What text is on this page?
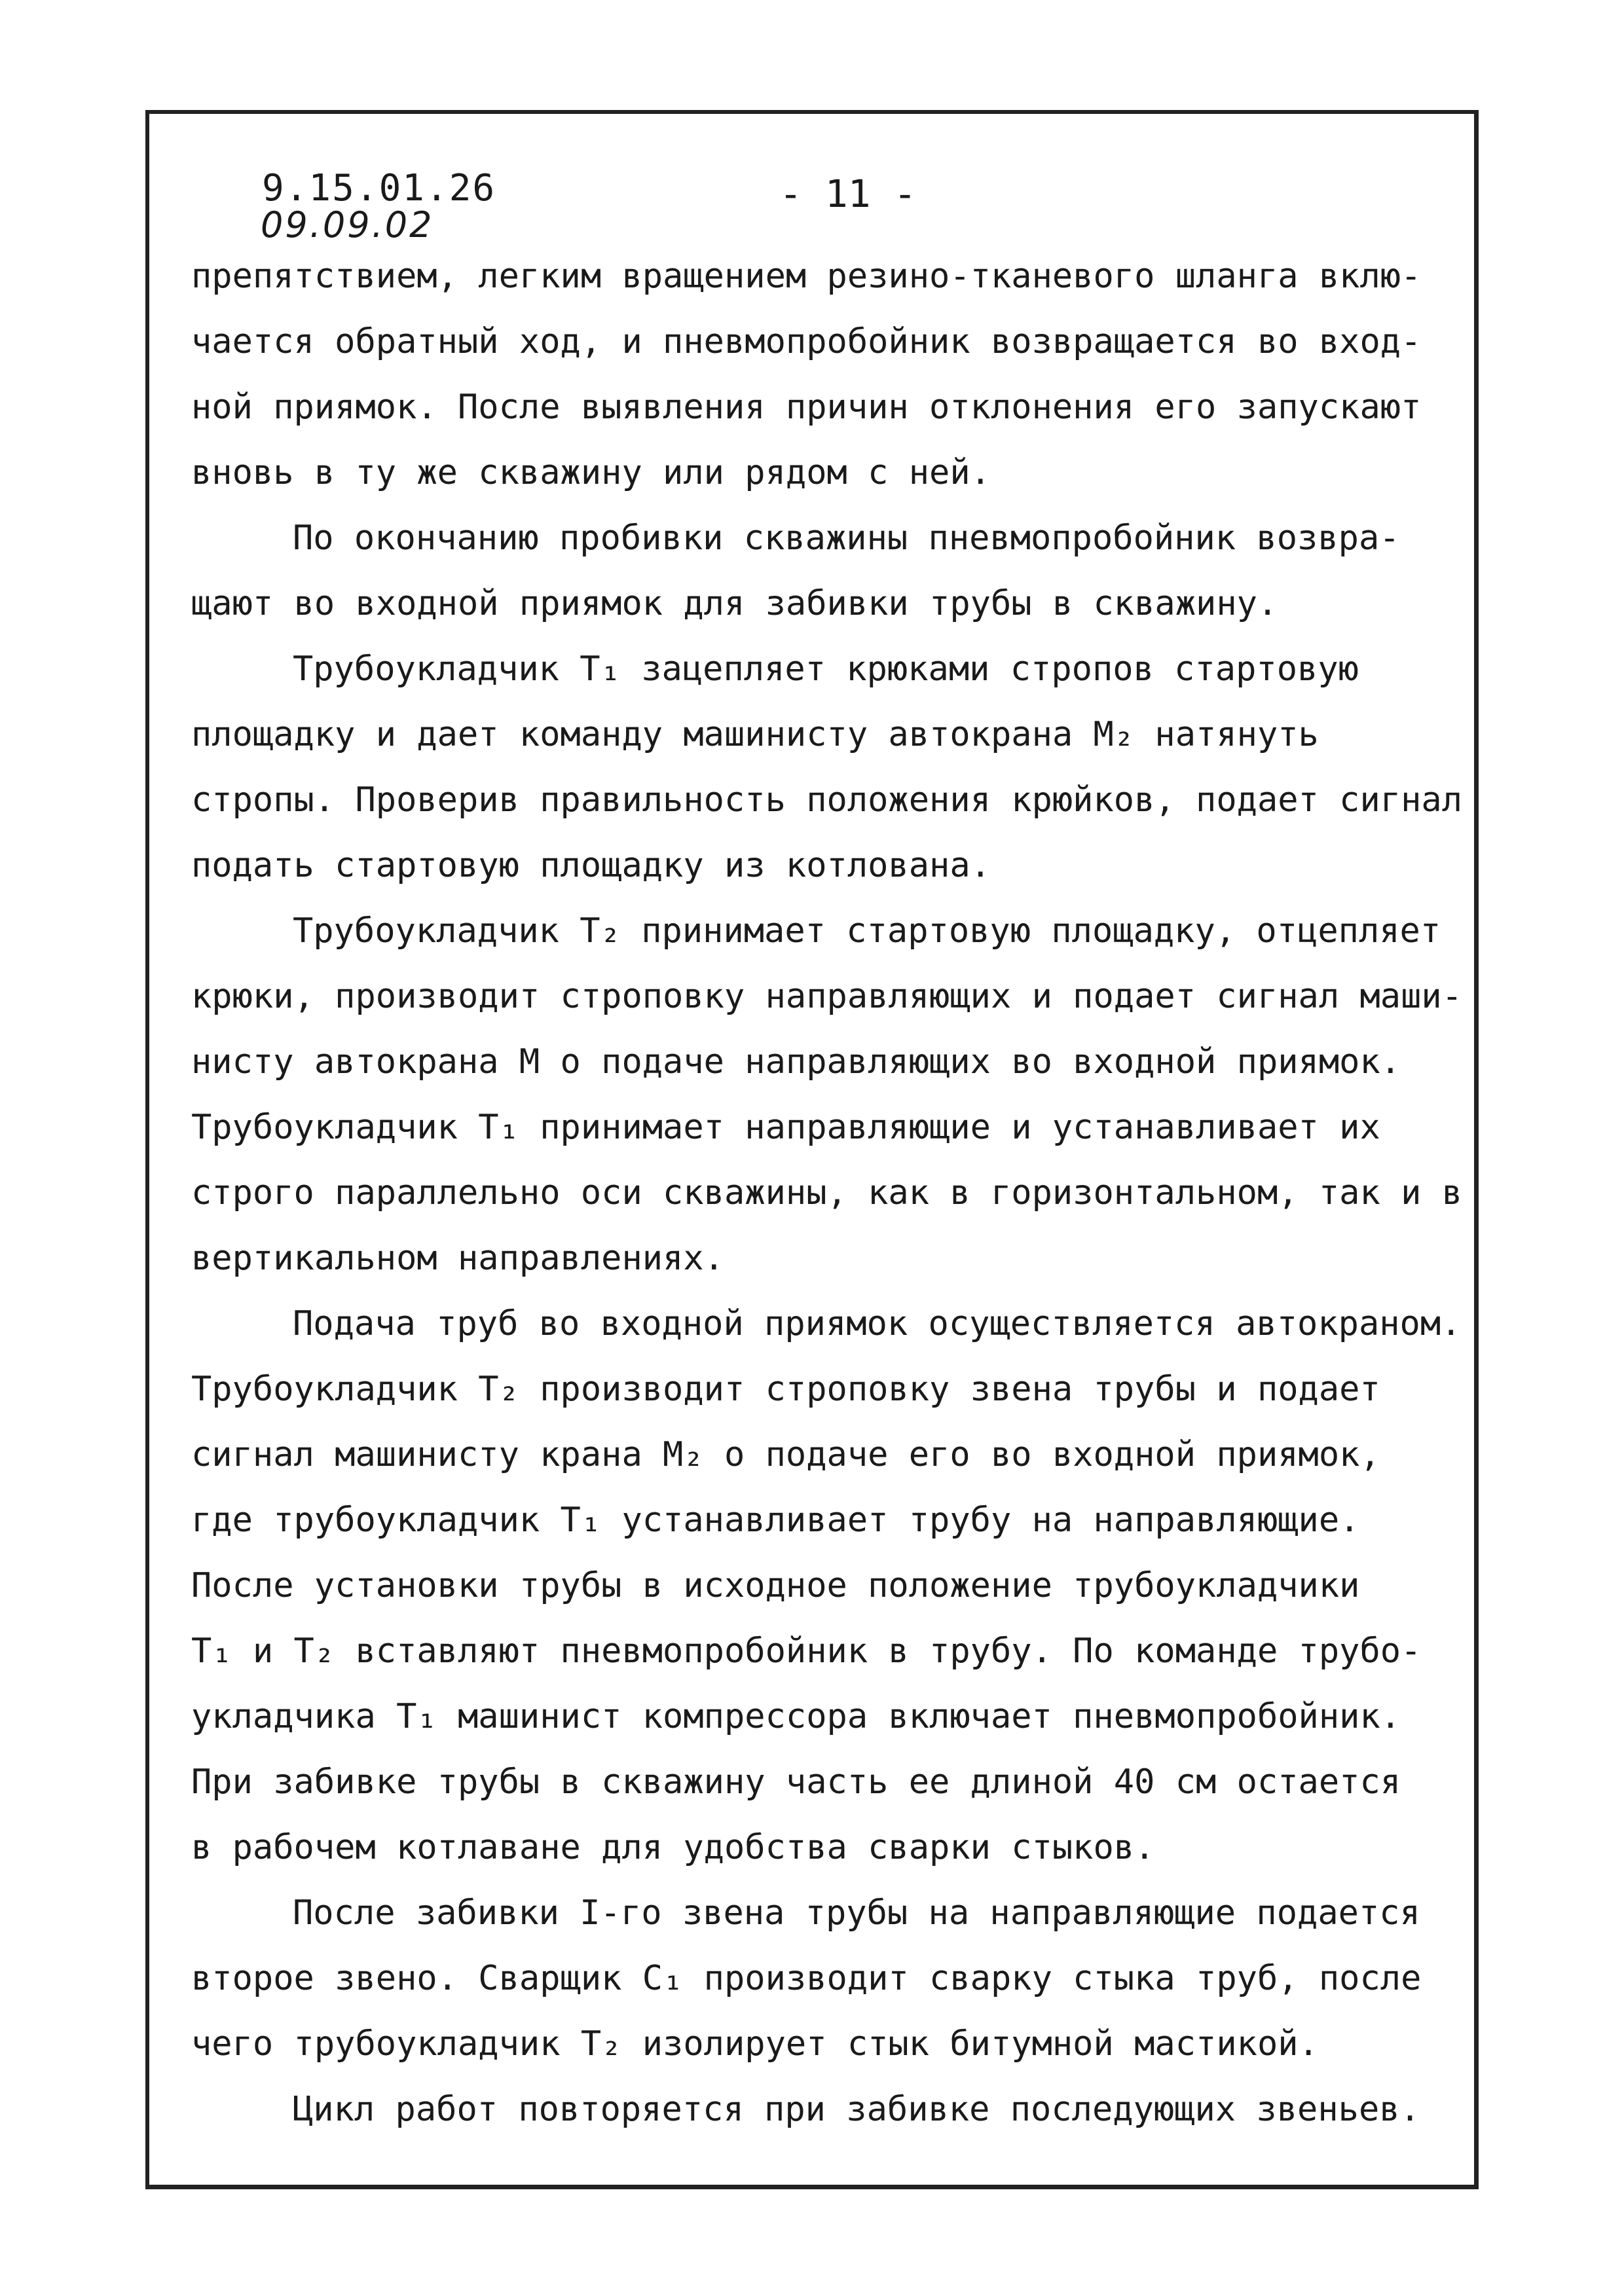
9.15.01.26
09.09.02
- 11 -
препятствием, легким вращением резино-тканевого шланга вклю-
чается обратный ход, и пневмопробойник возвращается во вход-
ной приямок. После выявления причин отклонения его запускают
вновь в ту же скважину или рядом с ней.
По окончанию пробивки скважины пневмопробойник возвра-
щают во входной приямок для забивки трубы в скважину.
Трубоукладчик Т₁ зацепляет крюками стропов стартовую
площадку и дает команду машинисту автокрана М₂ натянуть
стропы. Проверив правильность положения крюйков, подает сигнал
подать стартовую площадку из котлована.
Трубоукладчик Т₂ принимает стартовую площадку, отцепляет
крюки, производит строповку направляющих и подает сигнал маши-
нисту автокрана М о подаче направляющих во входной приямок.
Трубоукладчик Т₁ принимает направляющие и устанавливает их
строго параллельно оси скважины, как в горизонтальном, так и в
вертикальном направлениях.
Подача труб во входной приямок осуществляется автокраном.
Трубоукладчик Т₂ производит строповку звена трубы и подает
сигнал машинисту крана М₂ о подаче его во входной приямок,
где трубоукладчик Т₁ устанавливает трубу на направляющие.
После установки трубы в исходное положение трубоукладчики
Т₁ и Т₂ вставляют пневмопробойник в трубу. По команде трубо-
укладчика Т₁ машинист компрессора включает пневмопробойник.
При забивке трубы в скважину часть ее длиной 40 см остается
в рабочем котлаване для удобства сварки стыков.
После забивки I-го звена трубы на направляющие подается
второе звено. Сварщик С₁ производит сварку стыка труб, после
чего трубоукладчик Т₂ изолирует стык битумной мастикой.
Цикл работ повторяется при забивке последующих звеньев.
